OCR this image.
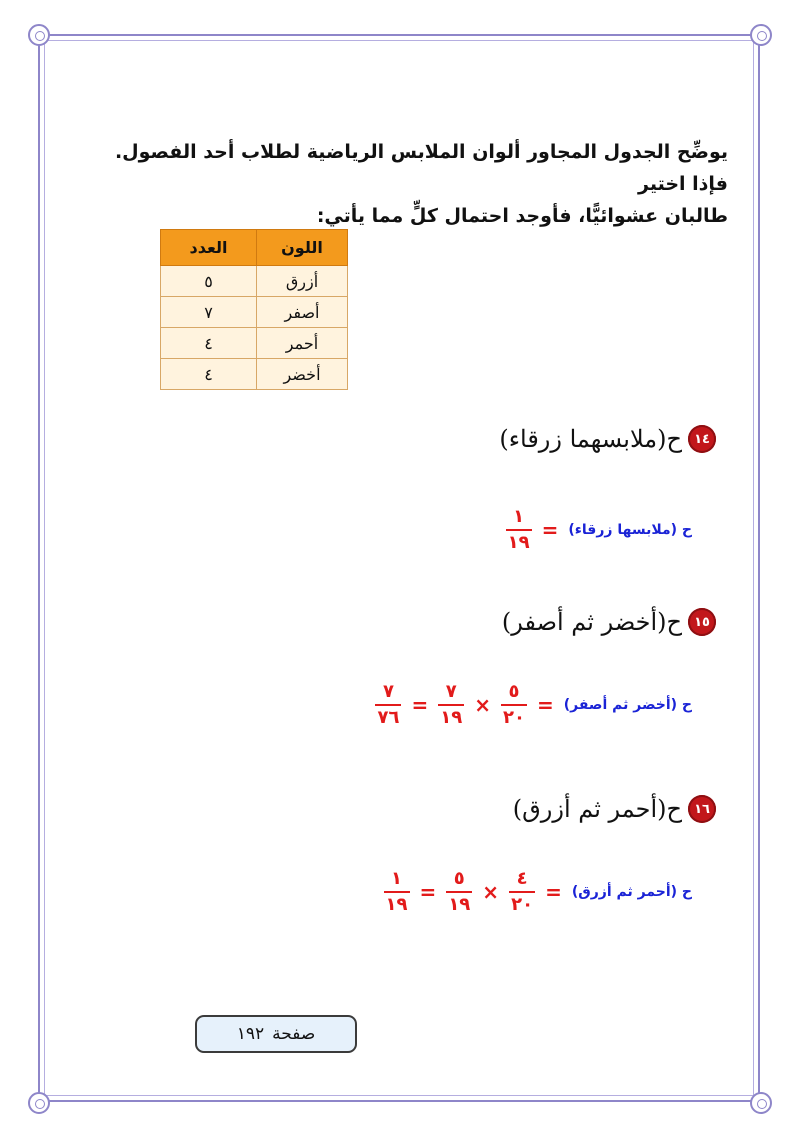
يوضِّح الجدول المجاور ألوان الملابس الرياضية لطلاب أحد الفصول. فإذا اختير
طالبان عشوائيًّا، فأوجد احتمال كلٍّ مما يأتي:
اللون	العدد
أزرق	٥
أصفر	٧
أحمر	٤
أخضر	٤
١٤
ح(ملابسهما زرقاء)
ح (ملابسها زرقاء)
=
$\frac{١}{١٩}$
١٥
ح(أخضر ثم أصفر)
ح (أخضر ثم أصفر)
=
$\frac{٥}{٢٠}$
×
$\frac{٧}{١٩}$
=
$\frac{٧}{٧٦}$
١٦
ح(أحمر ثم أزرق)
ح (أحمر ثم أزرق)
=
$\frac{٤}{٢٠}$
×
$\frac{٥}{١٩}$
=
$\frac{١}{١٩}$
صفحة
١٩٢
